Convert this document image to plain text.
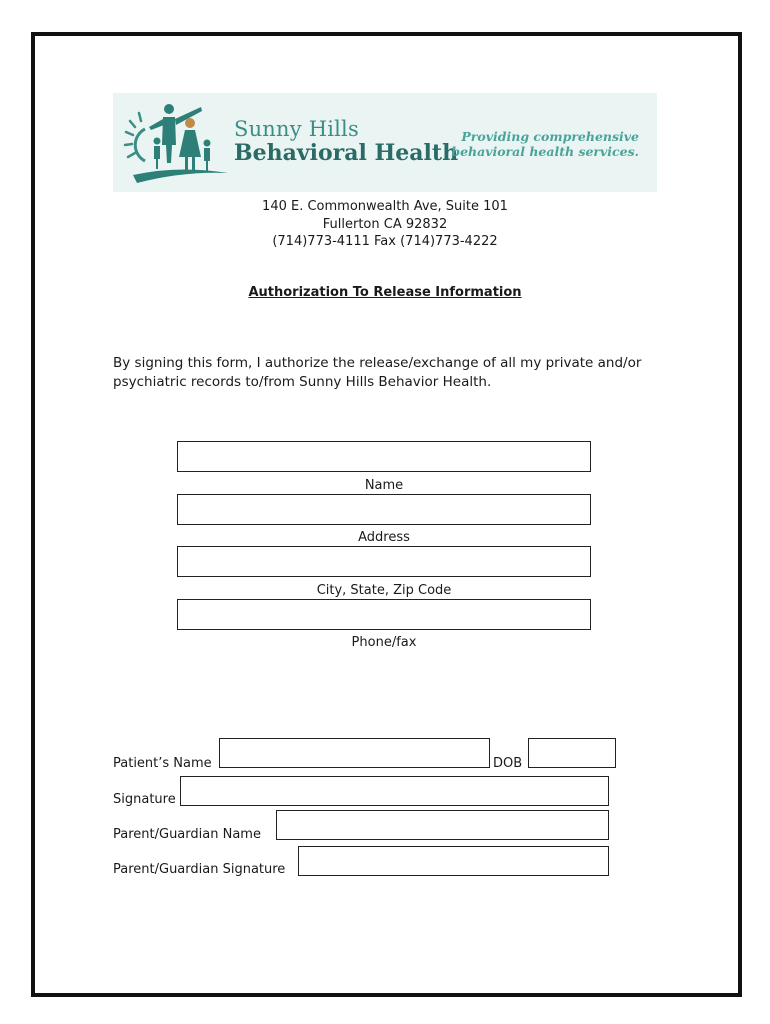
Sunny Hills
Behavioral Health
Providing comprehensive
behavioral health services.
140 E. Commonwealth Ave, Suite 101
Fullerton CA 92832
(714)773-4111 Fax (714)773-4222
Authorization To Release Information
By signing this form, I authorize the release/exchange of all my private and/or psychiatric records to/from Sunny Hills Behavior Health.
Name
Address
City, State, Zip Code
Phone/fax
Patient’s Name	DOB
Signature
Parent/Guardian Name
Parent/Guardian Signature
